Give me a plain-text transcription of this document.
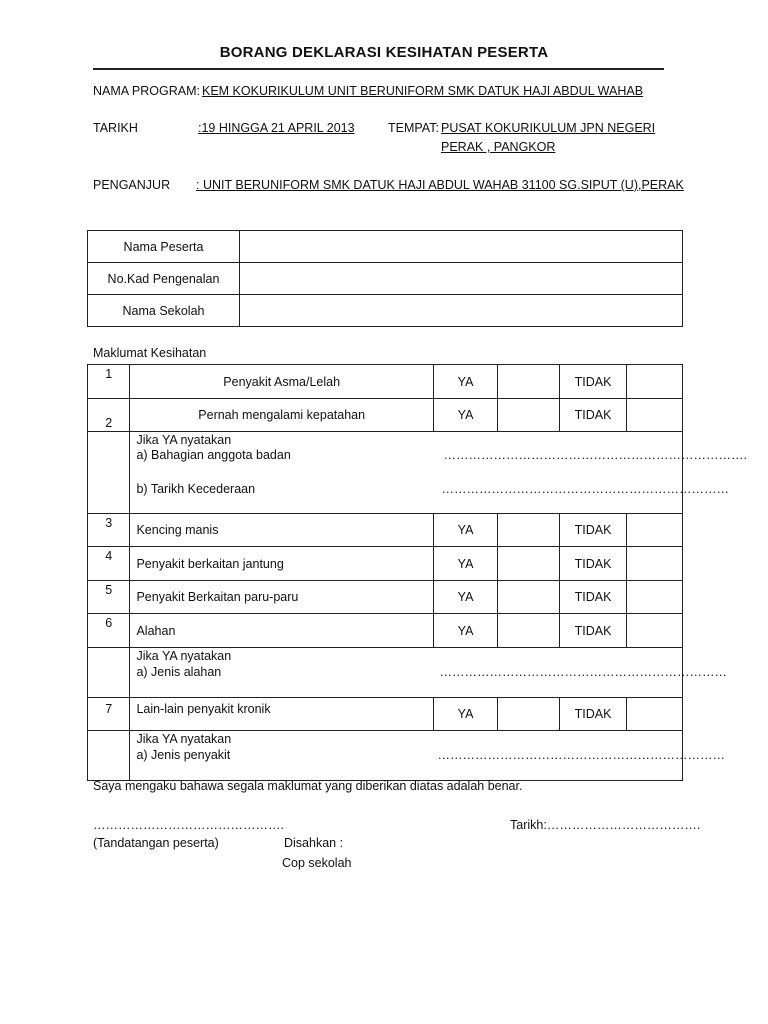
BORANG DEKLARASI KESIHATAN PESERTA
NAMA PROGRAM: KEM KOKURIKULUM UNIT BERUNIFORM SMK DATUK HAJI ABDUL WAHAB
TARIKH	:19 HINGGA 21 APRIL 2013	TEMPAT: PUSAT KOKURIKULUM JPN NEGERI
PERAK , PANGKOR
PENGANJUR : UNIT BERUNIFORM SMK DATUK HAJI ABDUL WAHAB 31100 SG.SIPUT (U),PERAK
Nama Peserta	
No.Kad Pengenalan	
Nama Sekolah	
Maklumat Kesihatan
1	Penyakit Asma/Lelah	YA		TIDAK	
2	Pernah mengalami kepatahan	YA		TIDAK	

	Jika YA nyatakan
a) Bahagian anggota badan ……………………………………………………………….
b) Tarikh Kecederaan ……………………………………………………………				

3	Kencing manis	YA		TIDAK	
4	Penyakit berkaitan jantung	YA		TIDAK	
5	Penyakit Berkaitan paru-paru	YA		TIDAK	
6	Alahan	YA		TIDAK	

	Jika YA nyatakan
a) Jenis alahan ……………………………………………………………				

7	Lain-lain penyakit kronik	YA		TIDAK	

	Jika YA nyatakan
a) Jenis penyakit ……………………………………………………………				
Saya mengaku bahawa segala maklumat yang diberikan diatas adalah benar.
……………………………………….	Tarikh:……………………………….
(Tandatangan peserta)	Disahkan :
Cop sekolah
